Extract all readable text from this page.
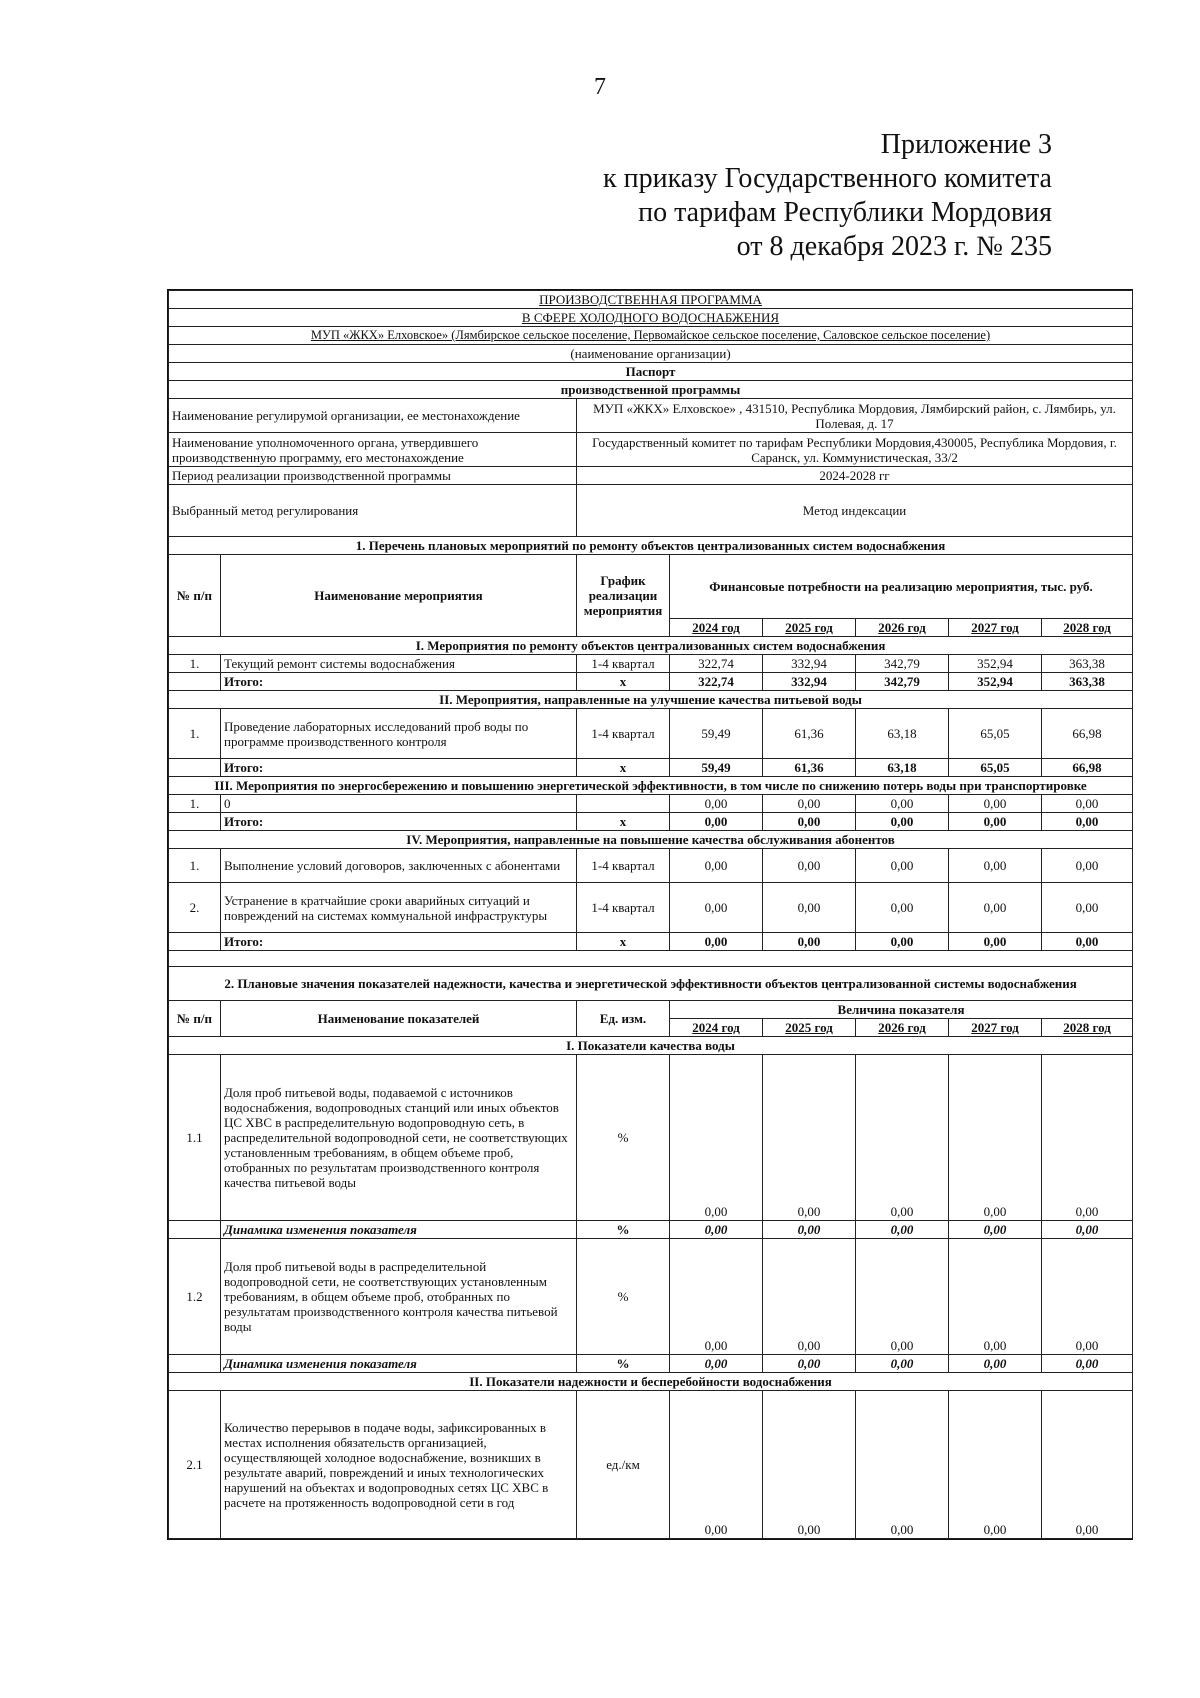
7
Приложение 3
к приказу Государственного комитета
по тарифам Республики Мордовия
от 8 декабря 2023 г. № 235
ПРОИЗВОДСТВЕННАЯ ПРОГРАММА							
В СФЕРЕ ХОЛОДНОГО ВОДОСНАБЖЕНИЯ							
МУП «ЖКХ» Елховское» (Лямбирское сельское поселение, Первомайское сельское поселение, Саловское сельское поселение)							
(наименование организации)							
Паспорт							
производственной программы							
Наименование регулирумой организации, ее местонахождение		МУП «ЖКХ» Елховское» , 431510, Республика Мордовия, Лямбирский район, с. Лямбирь, ул. Полевая, д. 17					
Наименование уполномоченного органа, утвердившего производственную программу, его местонахождение		Государственный комитет по тарифам Республики Мордовия,430005, Республика Мордовия, г. Саранск, ул. Коммунистическая, 33/2					
Период реализации производственной программы		2024-2028 гг					
Выбранный метод регулирования		Метод индексации					
1. Перечень плановых мероприятий по ремонту объектов централизованных систем водоснабжения							
№ п/п	Наименование мероприятия	График реализации мероприятия	Финансовые потребности на реализацию мероприятия, тыс. руб.				
			2024 год	2025 год	2026 год	2027 год	2028 год
I. Мероприятия по ремонту объектов централизованных систем водоснабжения							
1.	Текущий ремонт системы водоснабжения	1-4 квартал	322,74	332,94	342,79	352,94	363,38
	Итого:	х	322,74	332,94	342,79	352,94	363,38
II. Мероприятия, направленные на улучшение качества питьевой воды							
1.	Проведение лабораторных исследований проб воды по программе производственного контроля	1-4 квартал	59,49	61,36	63,18	65,05	66,98
	Итого:	х	59,49	61,36	63,18	65,05	66,98
III. Мероприятия по энергосбережению и повышению энергетической эффективности, в том числе по снижению потерь воды при транспортировке							
1.	0		0,00	0,00	0,00	0,00	0,00
	Итого:	х	0,00	0,00	0,00	0,00	0,00
IV. Мероприятия, направленные на повышение качества обслуживания абонентов							
1.	Выполнение условий договоров, заключенных с абонентами	1-4 квартал	0,00	0,00	0,00	0,00	0,00
2.	Устранение в кратчайшие сроки аварийных ситуаций и повреждений на системах коммунальной инфраструктуры	1-4 квартал	0,00	0,00	0,00	0,00	0,00
	Итого:	х	0,00	0,00	0,00	0,00	0,00

2. Плановые значения показателей надежности, качества и энергетической эффективности объектов централизованной системы водоснабжения							
№ п/п	Наименование показателей	Ед. изм.	Величина показателя				
			2024 год	2025 год	2026 год	2027 год	2028 год
I. Показатели качества воды							
1.1	Доля проб питьевой воды, подаваемой с источников водоснабжения, водопроводных станций или иных объектов ЦС ХВС в распределительную водопроводную сеть, в распределительной водопроводной сети, не соответствующих установленным требованиям, в общем объеме проб, отобранных по результатам производственного контроля качества питьевой воды	%	0,00	0,00	0,00	0,00	0,00
	Динамика изменения показателя	%	0,00	0,00	0,00	0,00	0,00
1.2	Доля проб питьевой воды в распределительной водопроводной сети, не соответствующих установленным требованиям, в общем объеме проб, отобранных по результатам производственного контроля качества питьевой воды	%	0,00	0,00	0,00	0,00	0,00
	Динамика изменения показателя	%	0,00	0,00	0,00	0,00	0,00
II. Показатели надежности и бесперебойности водоснабжения							
2.1	Количество перерывов в подаче воды, зафиксированных в местах исполнения обязательств организацией, осуществляющей холодное водоснабжение, возникших в результате аварий, повреждений и иных технологических нарушений на объектах и водопроводных сетях ЦС ХВС в расчете на протяженность водопроводной сети в год	ед./км	0,00	0,00	0,00	0,00	0,00
